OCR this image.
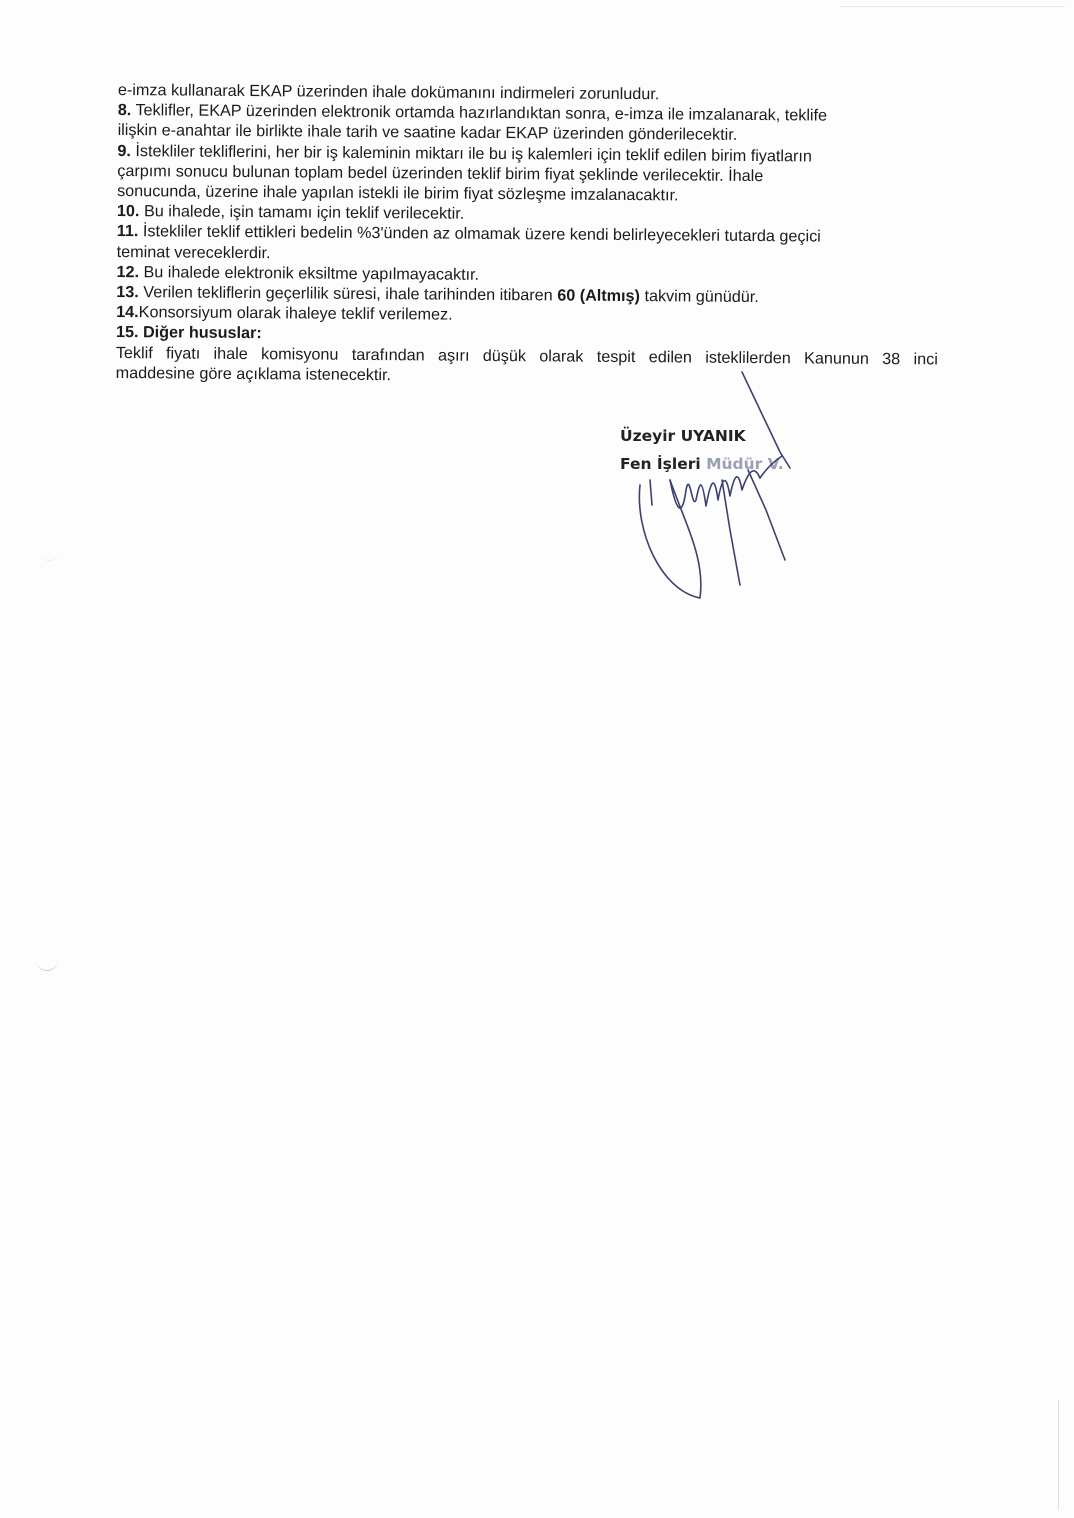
e-imza kullanarak EKAP üzerinden ihale dokümanını indirmeleri zorunludur.
8. Teklifler, EKAP üzerinden elektronik ortamda hazırlandıktan sonra, e-imza ile imzalanarak, teklife
ilişkin e-anahtar ile birlikte ihale tarih ve saatine kadar EKAP üzerinden gönderilecektir.
9. İstekliler tekliflerini, her bir iş kaleminin miktarı ile bu iş kalemleri için teklif edilen birim fiyatların
çarpımı sonucu bulunan toplam bedel üzerinden teklif birim fiyat şeklinde verilecektir. İhale
sonucunda, üzerine ihale yapılan istekli ile birim fiyat sözleşme imzalanacaktır.
10. Bu ihalede, işin tamamı için teklif verilecektir.
11. İstekliler teklif ettikleri bedelin %3'ünden az olmamak üzere kendi belirleyecekleri tutarda geçici
teminat vereceklerdir.
12. Bu ihalede elektronik eksiltme yapılmayacaktır.
13. Verilen tekliflerin geçerlilik süresi, ihale tarihinden itibaren 60 (Altmış) takvim günüdür.
14.Konsorsiyum olarak ihaleye teklif verilemez.
15. Diğer hususlar:
Teklif fiyatı ihale komisyonu tarafından aşırı düşük olarak tespit edilen isteklilerden Kanunun 38 inci
maddesine göre açıklama istenecektir.
Üzeyir UYANIK
Fen İşleri Müdür V.
